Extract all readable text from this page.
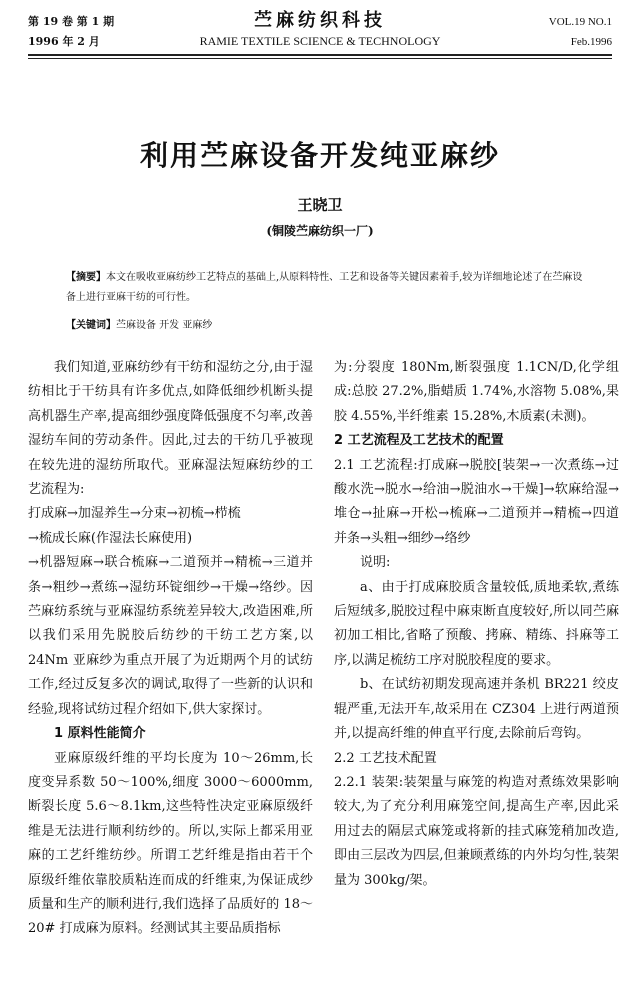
第 19 卷 第 1 期
1996 年 2 月
苎麻纺织科技
RAMIE TEXTILE SCIENCE & TECHNOLOGY
VOL.19 NO.1
Feb.1996
利用苎麻设备开发纯亚麻纱
王晓卫
(铜陵苎麻纺织一厂)
【摘要】本文在吸收亚麻纺纱工艺特点的基础上,从原料特性、工艺和设备等关键因素着手,较为详细地论述了在苎麻设备上进行亚麻干纺的可行性。
【关键词】苎麻设备 开发 亚麻纱

我们知道,亚麻纺纱有干纺和湿纺之分,由于湿纺相比于干纺具有许多优点,如降低细纱机断头提高机器生产率,提高细纱强度降低强度不匀率,改善湿纺车间的劳动条件。因此,过去的干纺几乎被现在较先进的湿纺所取代。亚麻湿法短麻纺纱的工艺流程为:

打成麻→加湿养生→分束→初梳→栉梳

→梳成长麻(作湿法长麻使用)

→机器短麻→联合梳麻→二道预并→精梳→三道并条→粗纱→煮练→湿纺环锭细纱→干燥→络纱。因苎麻纺系统与亚麻湿纺系统差异较大,改造困难,所以我们采用先脱胶后纺纱的干纺工艺方案,以 24Nm 亚麻纱为重点开展了为近期两个月的试纺工作,经过反复多次的调试,取得了一些新的认识和经验,现将试纺过程介绍如下,供大家探讨。

1 原料性能简介

亚麻原级纤维的平均长度为 10～26mm,长度变异系数 50～100%,细度 3000～6000mm,断裂长度 5.6～8.1km,这些特性决定亚麻原级纤维是无法进行顺利纺纱的。所以,实际上都采用亚麻的工艺纤维纺纱。所谓工艺纤维是指由若干个原级纤维依靠胶质粘连而成的纤维束,为保证成纱质量和生产的顺利进行,我们选择了品质好的 18～20# 打成麻为原料。经测试其主要品质指标

为:分裂度 180Nm,断裂强度 1.1CN/D,化学组成:总胶 27.2%,脂蜡质 1.74%,水溶物 5.08%,果胶 4.55%,半纤维素 15.28%,木质素(未测)。

2 工艺流程及工艺技术的配置

2.1 工艺流程:打成麻→脱胶[装架→一次煮练→过酸水洗→脱水→给油→脱油水→干燥]→软麻给湿→堆仓→扯麻→开松→梳麻→二道预并→精梳→四道并条→头粗→细纱→络纱

说明:

a、由于打成麻胶质含量较低,质地柔软,煮练后短绒多,脱胶过程中麻束断直度较好,所以同苎麻初加工相比,省略了预酸、拷麻、精练、抖麻等工序,以满足梳纺工序对脱胶程度的要求。

b、在试纺初期发现高速并条机 BR221 绞皮辊严重,无法开车,故采用在 CZ304 上进行两道预并,以提高纤维的伸直平行度,去除前后弯钩。

2.2 工艺技术配置

2.2.1 装架:装架量与麻笼的构造对煮练效果影响较大,为了充分利用麻笼空间,提高生产率,因此采用过去的隔层式麻笼或将新的挂式麻笼稍加改造,即由三层改为四层,但兼顾煮练的内外均匀性,装架量为 300kg/架。
